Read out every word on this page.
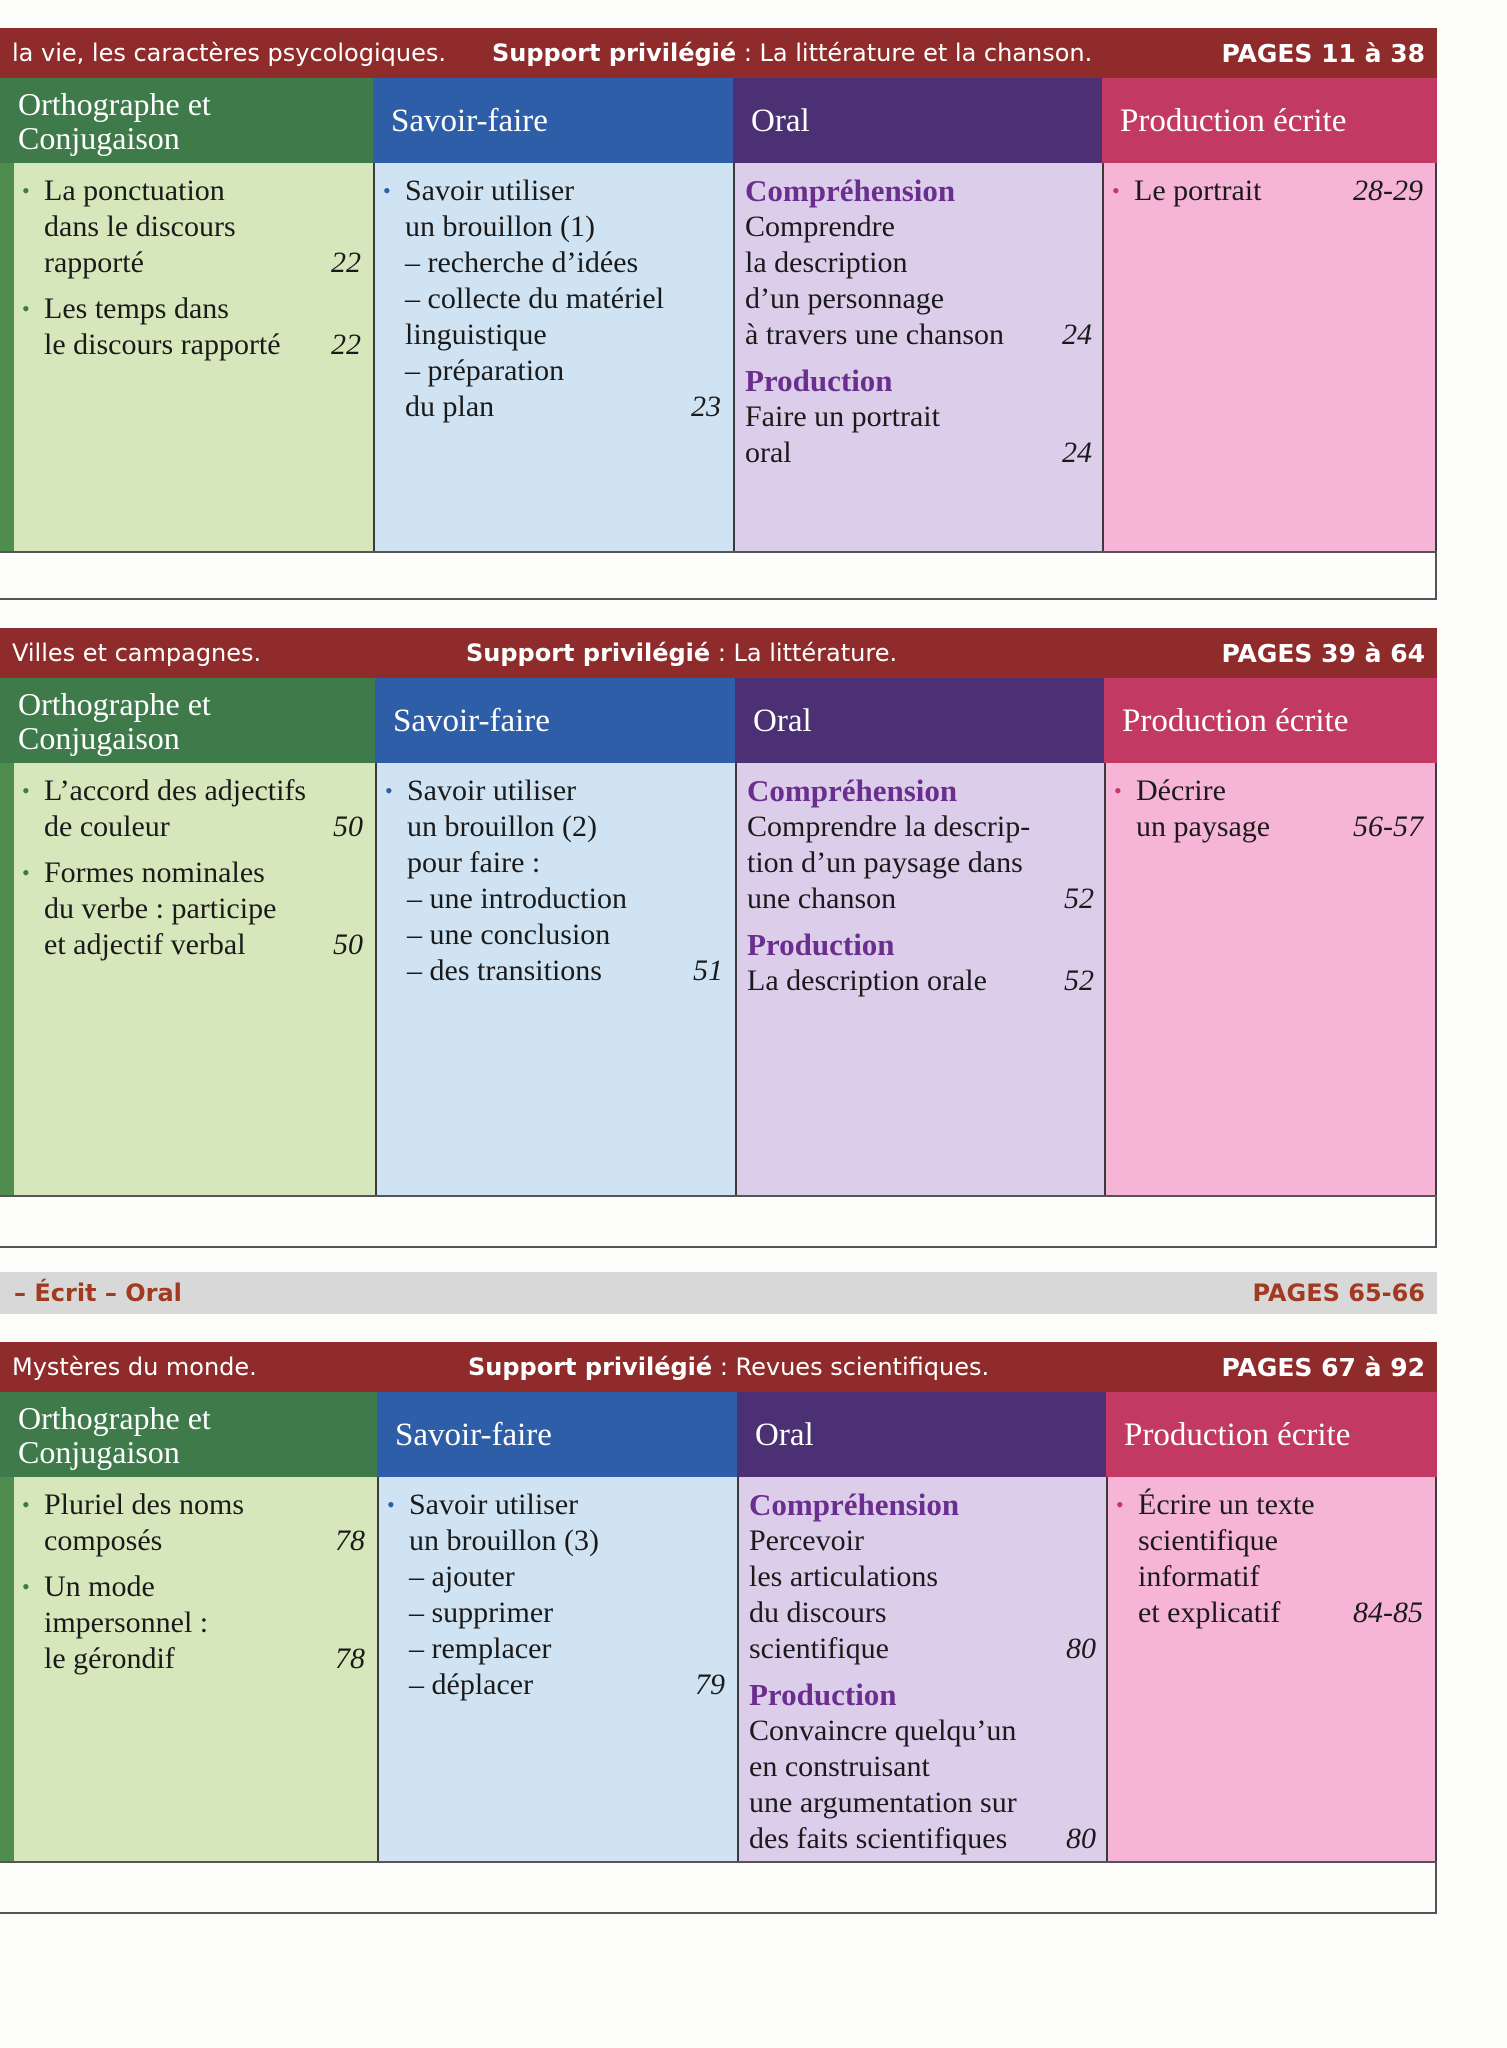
la vie, les caractères psycologiques. Support privilégié : La littérature et la chanson.	PAGES 11 à 38
Orthographe et Conjugaison
• La ponctuation
dans le discours
rapporté	22
• Les temps dans
le discours rapporté 22
Savoir-faire
• Savoir utiliser
un brouillon (1)
– recherche d’idées
– collecte du matériel
linguistique
– préparation
du plan	23
Oral
Compréhension
Comprendre
la description
d’un personnage
à travers une chanson 24
Production
Faire un portrait
oral	24
Production écrite
• Le portrait	28-29
Villes et campagnes.	Support privilégié : La littérature.	PAGES 39 à 64
Orthographe et Conjugaison
• L’accord des adjectifs
de couleur	50
• Formes nominales
du verbe : participe
et adjectif verbal	50
Savoir-faire
• Savoir utiliser
un brouillon (2)
pour faire :
– une introduction
– une conclusion
– des transitions	51
Oral
Compréhension
Comprendre la descrip-
tion d’un paysage dans
une chanson	52
Production
La description orale	52
Production écrite
• Décrire
un paysage	56-57
– Écrit – Oral	PAGES 65-66
Mystères du monde.	Support privilégié : Revues scientifiques.	PAGES 67 à 92
Orthographe et Conjugaison
• Pluriel des noms
composés	78
• Un mode
impersonnel :
le gérondif	78
Savoir-faire
• Savoir utiliser
un brouillon (3)
– ajouter
– supprimer
– remplacer
– déplacer	79
Oral
Compréhension
Percevoir
les articulations
du discours
scientifique	80
Production
Convaincre quelqu’un
en construisant
une argumentation sur
des faits scientifiques 80
Production écrite
• Écrire un texte
scientifique
informatif
et explicatif 84-85
